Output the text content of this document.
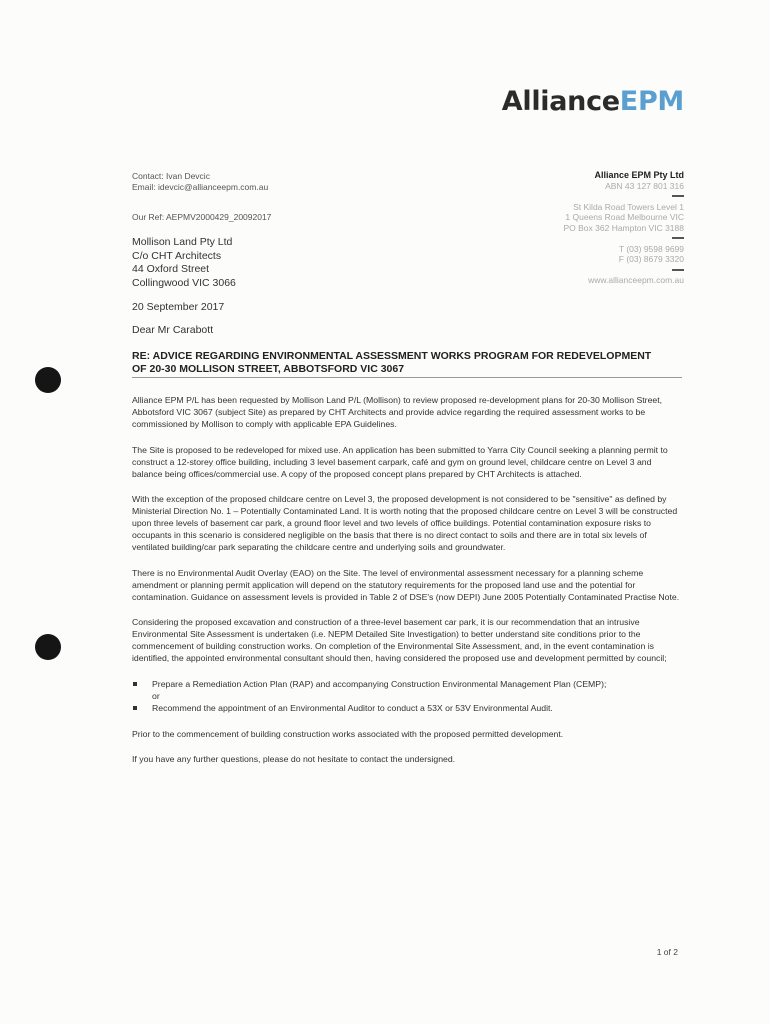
AllianceEPM
Contact: Ivan Devcic
Email: idevcic@allianceepm.com.au
Our Ref: AEPMV2000429_20092017
Mollison Land Pty Ltd
C/o CHT Architects
44 Oxford Street
Collingwood VIC 3066
20 September 2017
Dear Mr Carabott
Alliance EPM Pty Ltd
ABN 43 127 801 316
St Kilda Road Towers Level 1
1 Queens Road Melbourne VIC
PO Box 362 Hampton VIC 3188
T (03) 9598 9699
F (03) 8679 3320
www.allianceepm.com.au
RE: ADVICE REGARDING ENVIRONMENTAL ASSESSMENT WORKS PROGRAM FOR REDEVELOPMENT
OF 20-30 MOLLISON STREET, ABBOTSFORD VIC 3067

Alliance EPM P/L has been requested by Mollison Land P/L (Mollison) to review proposed re-development plans for 20-30 Mollison Street, Abbotsford VIC 3067 (subject Site) as prepared by CHT Architects and provide advice regarding the required assessment works to be commissioned by Mollison to comply with applicable EPA Guidelines.

The Site is proposed to be redeveloped for mixed use. An application has been submitted to Yarra City Council seeking a planning permit to construct a 12-storey office building, including 3 level basement carpark, café and gym on ground level, childcare centre on Level 3 and balance being offices/commercial use. A copy of the proposed concept plans prepared by CHT Architects is attached.

With the exception of the proposed childcare centre on Level 3, the proposed development is not considered to be "sensitive" as defined by Ministerial Direction No. 1 – Potentially Contaminated Land. It is worth noting that the proposed childcare centre on Level 3 will be constructed upon three levels of basement car park, a ground floor level and two levels of office buildings. Potential contamination exposure risks to occupants in this scenario is considered negligible on the basis that there is no direct contact to soils and there are in total six levels of ventilated building/car park separating the childcare centre and underlying soils and groundwater.

There is no Environmental Audit Overlay (EAO) on the Site. The level of environmental assessment necessary for a planning scheme amendment or planning permit application will depend on the statutory requirements for the proposed land use and the potential for contamination. Guidance on assessment levels is provided in Table 2 of DSE's (now DEPI) June 2005 Potentially Contaminated Practise Note.

Considering the proposed excavation and construction of a three-level basement car park, it is our recommendation that an intrusive Environmental Site Assessment is undertaken (i.e. NEPM Detailed Site Investigation) to better understand site conditions prior to the commencement of building construction works. On completion of the Environmental Site Assessment, and, in the event contamination is identified, the appointed environmental consultant should then, having considered the proposed use and development permitted by council;

Prepare a Remediation Action Plan (RAP) and accompanying Construction Environmental Management Plan (CEMP);
or
Recommend the appointment of an Environmental Auditor to conduct a 53X or 53V Environmental Audit.

Prior to the commencement of building construction works associated with the proposed permitted development.

If you have any further questions, please do not hesitate to contact the undersigned.

1 of 2
